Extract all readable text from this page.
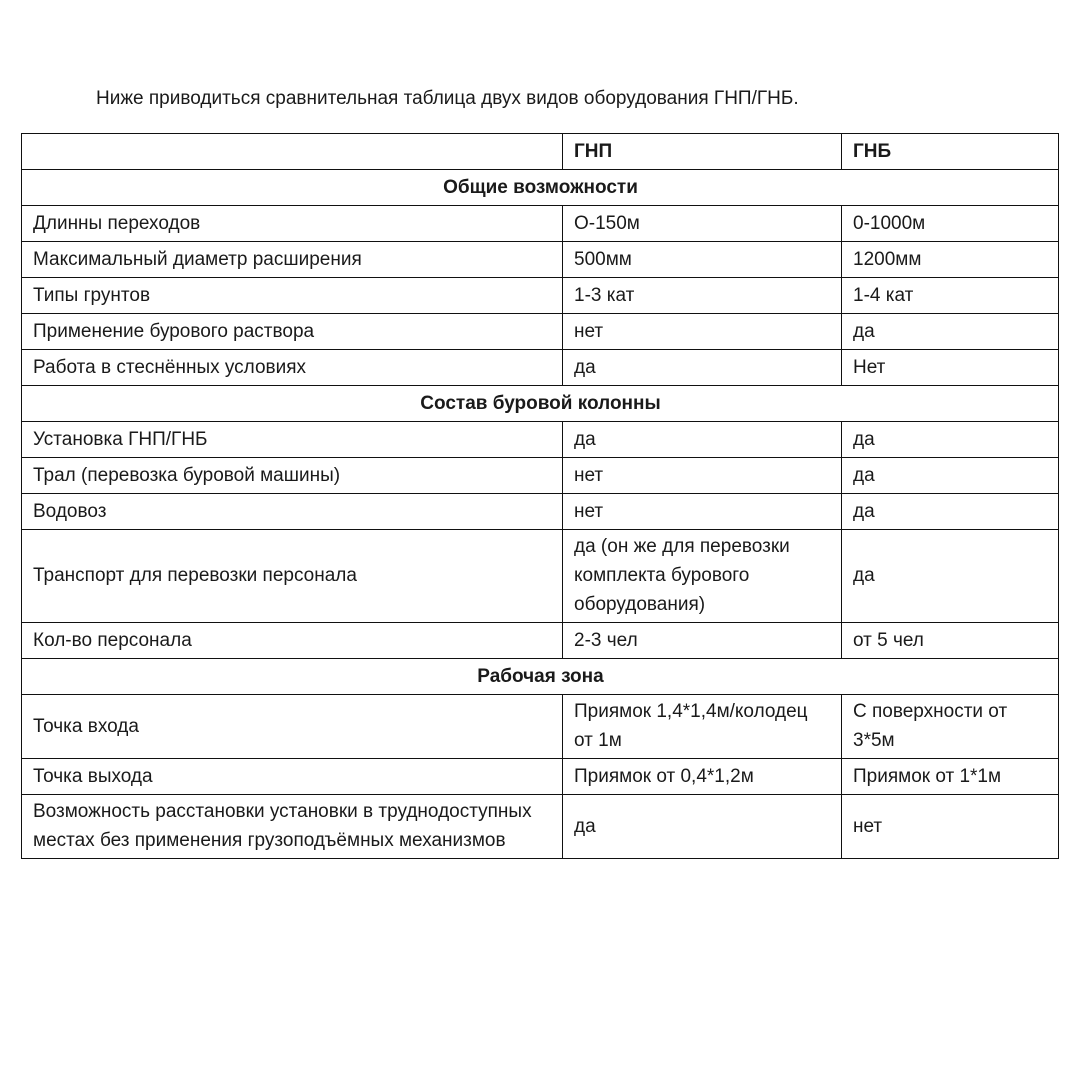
Ниже приводиться сравнительная таблица двух видов оборудования ГНП/ГНБ.

	ГНП	ГНБ
Общие возможности		
Длинны переходов	О-150м	0-1000м
Максимальный диаметр расширения	500мм	1200мм
Типы грунтов	1-3 кат	1-4 кат
Применение бурового раствора	нет	да
Работа в стеснённых условиях	да	Нет
Состав буровой колонны		
Установка ГНП/ГНБ	да	да
Трал (перевозка буровой машины)	нет	да
Водовоз	нет	да
Транспорт для перевозки персонала	да (он же для перевозки комплекта бурового оборудования)	да
Кол-во персонала	2-3 чел	от 5 чел
Рабочая зона		
Точка входа	Приямок 1,4*1,4м/колодец от 1м	С поверхности от 3*5м
Точка выхода	Приямок от 0,4*1,2м	Приямок от 1*1м
Возможность расстановки установки в труднодоступных местах без применения грузоподъёмных механизмов	да	нет
